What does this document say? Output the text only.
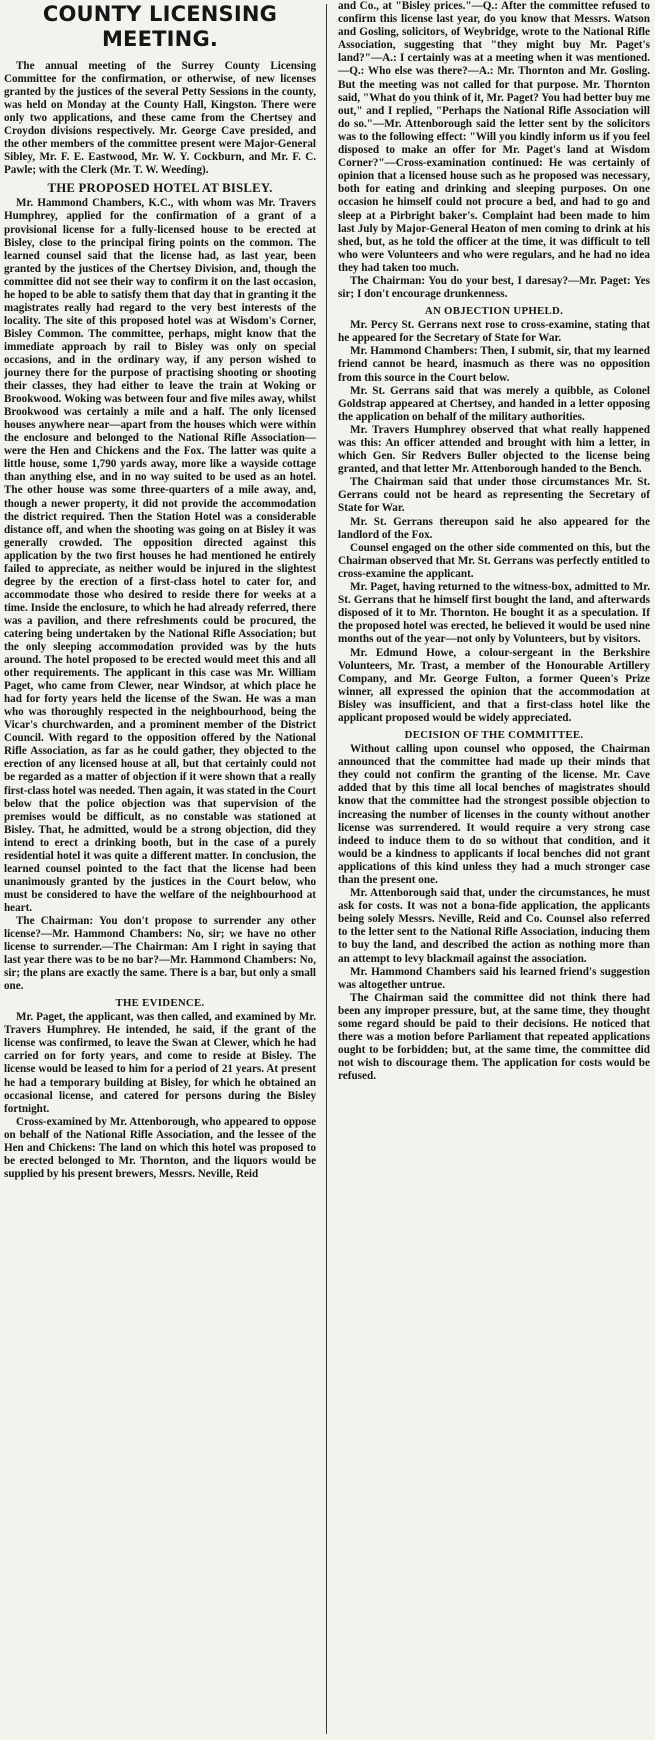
COUNTY LICENSING
MEETING.

The annual meeting of the Surrey County Licensing Committee for the confirmation, or otherwise, of new licenses granted by the justices of the several Petty Sessions in the county, was held on Monday at the County Hall, Kingston. There were only two applications, and these came from the Chertsey and Croydon divisions respectively. Mr. George Cave presided, and the other members of the committee present were Major-General Sibley, Mr. F. E. Eastwood, Mr. W. Y. Cockburn, and Mr. F. C. Pawle; with the Clerk (Mr. T. W. Weeding).

THE PROPOSED HOTEL AT BISLEY.

Mr. Hammond Chambers, K.C., with whom was Mr. Travers Humphrey, applied for the confirmation of a grant of a provisional license for a fully-licensed house to be erected at Bisley, close to the principal firing points on the common. The learned counsel said that the license had, as last year, been granted by the justices of the Chertsey Division, and, though the committee did not see their way to confirm it on the last occasion, he hoped to be able to satisfy them that day that in granting it the magistrates really had regard to the very best interests of the locality. The site of this proposed hotel was at Wisdom's Corner, Bisley Common. The committee, perhaps, might know that the immediate approach by rail to Bisley was only on special occasions, and in the ordinary way, if any person wished to journey there for the purpose of practising shooting or shooting their classes, they had either to leave the train at Woking or Brookwood. Woking was between four and five miles away, whilst Brookwood was certainly a mile and a half. The only licensed houses anywhere near—apart from the houses which were within the enclosure and belonged to the National Rifle Association—were the Hen and Chickens and the Fox. The latter was quite a little house, some 1,790 yards away, more like a wayside cottage than anything else, and in no way suited to be used as an hotel. The other house was some three-quarters of a mile away, and, though a newer property, it did not provide the accommodation the district required. Then the Station Hotel was a considerable distance off, and when the shooting was going on at Bisley it was generally crowded. The opposition directed against this application by the two first houses he had mentioned he entirely failed to appreciate, as neither would be injured in the slightest degree by the erection of a first-class hotel to cater for, and accommodate those who desired to reside there for weeks at a time. Inside the enclosure, to which he had already referred, there was a pavilion, and there refreshments could be procured, the catering being undertaken by the National Rifle Association; but the only sleeping accommodation provided was by the huts around. The hotel proposed to be erected would meet this and all other requirements. The applicant in this case was Mr. William Paget, who came from Clewer, near Windsor, at which place he had for forty years held the license of the Swan. He was a man who was thoroughly respected in the neighbourhood, being the Vicar's churchwarden, and a prominent member of the District Council. With regard to the opposition offered by the National Rifle Association, as far as he could gather, they objected to the erection of any licensed house at all, but that certainly could not be regarded as a matter of objection if it were shown that a really first-class hotel was needed. Then again, it was stated in the Court below that the police objection was that supervision of the premises would be difficult, as no constable was stationed at Bisley. That, he admitted, would be a strong objection, did they intend to erect a drinking booth, but in the case of a purely residential hotel it was quite a different matter. In conclusion, the learned counsel pointed to the fact that the license had been unanimously granted by the justices in the Court below, who must be considered to have the welfare of the neighbourhood at heart.

The Chairman: You don't propose to surrender any other license?—Mr. Hammond Chambers: No, sir; we have no other license to surrender.—The Chairman: Am I right in saying that last year there was to be no bar?—Mr. Hammond Chambers: No, sir; the plans are exactly the same. There is a bar, but only a small one.

THE EVIDENCE.

Mr. Paget, the applicant, was then called, and examined by Mr. Travers Humphrey. He intended, he said, if the grant of the license was confirmed, to leave the Swan at Clewer, which he had carried on for forty years, and come to reside at Bisley. The license would be leased to him for a period of 21 years. At present he had a temporary building at Bisley, for which he obtained an occasional license, and catered for persons during the Bisley fortnight.

Cross-examined by Mr. Attenborough, who appeared to oppose on behalf of the National Rifle Association, and the lessee of the Hen and Chickens: The land on which this hotel was proposed to be erected belonged to Mr. Thornton, and the liquors would be supplied by his present brewers, Messrs. Neville, Reid

and Co., at "Bisley prices."—Q.: After the committee refused to confirm this license last year, do you know that Messrs. Watson and Gosling, solicitors, of Weybridge, wrote to the National Rifle Association, suggesting that "they might buy Mr. Paget's land?"—A.: I certainly was at a meeting when it was mentioned.—Q.: Who else was there?—A.: Mr. Thornton and Mr. Gosling. But the meeting was not called for that purpose. Mr. Thornton said, "What do you think of it, Mr. Paget? You had better buy me out," and I replied, "Perhaps the National Rifle Association will do so."—Mr. Attenborough said the letter sent by the solicitors was to the following effect: "Will you kindly inform us if you feel disposed to make an offer for Mr. Paget's land at Wisdom Corner?"—Cross-examination continued: He was certainly of opinion that a licensed house such as he proposed was necessary, both for eating and drinking and sleeping purposes. On one occasion he himself could not procure a bed, and had to go and sleep at a Pirbright baker's. Complaint had been made to him last July by Major-General Heaton of men coming to drink at his shed, but, as he told the officer at the time, it was difficult to tell who were Volunteers and who were regulars, and he had no idea they had taken too much.

The Chairman: You do your best, I daresay?—Mr. Paget: Yes sir; I don't encourage drunkenness.

AN OBJECTION UPHELD.

Mr. Percy St. Gerrans next rose to cross-examine, stating that he appeared for the Secretary of State for War.

Mr. Hammond Chambers: Then, I submit, sir, that my learned friend cannot be heard, inasmuch as there was no opposition from this source in the Court below.

Mr. St. Gerrans said that was merely a quibble, as Colonel Goldstrap appeared at Chertsey, and handed in a letter opposing the application on behalf of the military authorities.

Mr. Travers Humphrey observed that what really happened was this: An officer attended and brought with him a letter, in which Gen. Sir Redvers Buller objected to the license being granted, and that letter Mr. Attenborough handed to the Bench.

The Chairman said that under those circumstances Mr. St. Gerrans could not be heard as representing the Secretary of State for War.

Mr. St. Gerrans thereupon said he also appeared for the landlord of the Fox.

Counsel engaged on the other side commented on this, but the Chairman observed that Mr. St. Gerrans was perfectly entitled to cross-examine the applicant.

Mr. Paget, having returned to the witness-box, admitted to Mr. St. Gerrans that he himself first bought the land, and afterwards disposed of it to Mr. Thornton. He bought it as a speculation. If the proposed hotel was erected, he believed it would be used nine months out of the year—not only by Volunteers, but by visitors.

Mr. Edmund Howe, a colour-sergeant in the Berkshire Volunteers, Mr. Trast, a member of the Honourable Artillery Company, and Mr. George Fulton, a former Queen's Prize winner, all expressed the opinion that the accommodation at Bisley was insufficient, and that a first-class hotel like the applicant proposed would be widely appreciated.

DECISION OF THE COMMITTEE.

Without calling upon counsel who opposed, the Chairman announced that the committee had made up their minds that they could not confirm the granting of the license. Mr. Cave added that by this time all local benches of magistrates should know that the committee had the strongest possible objection to increasing the number of licenses in the county without another license was surrendered. It would require a very strong case indeed to induce them to do so without that condition, and it would be a kindness to applicants if local benches did not grant applications of this kind unless they had a much stronger case than the present one.

Mr. Attenborough said that, under the circumstances, he must ask for costs. It was not a bona-fide application, the applicants being solely Messrs. Neville, Reid and Co. Counsel also referred to the letter sent to the National Rifle Association, inducing them to buy the land, and described the action as nothing more than an attempt to levy blackmail against the association.

Mr. Hammond Chambers said his learned friend's suggestion was altogether untrue.

The Chairman said the committee did not think there had been any improper pressure, but, at the same time, they thought some regard should be paid to their decisions. He noticed that there was a motion before Parliament that repeated applications ought to be forbidden; but, at the same time, the committee did not wish to discourage them. The application for costs would be refused.
